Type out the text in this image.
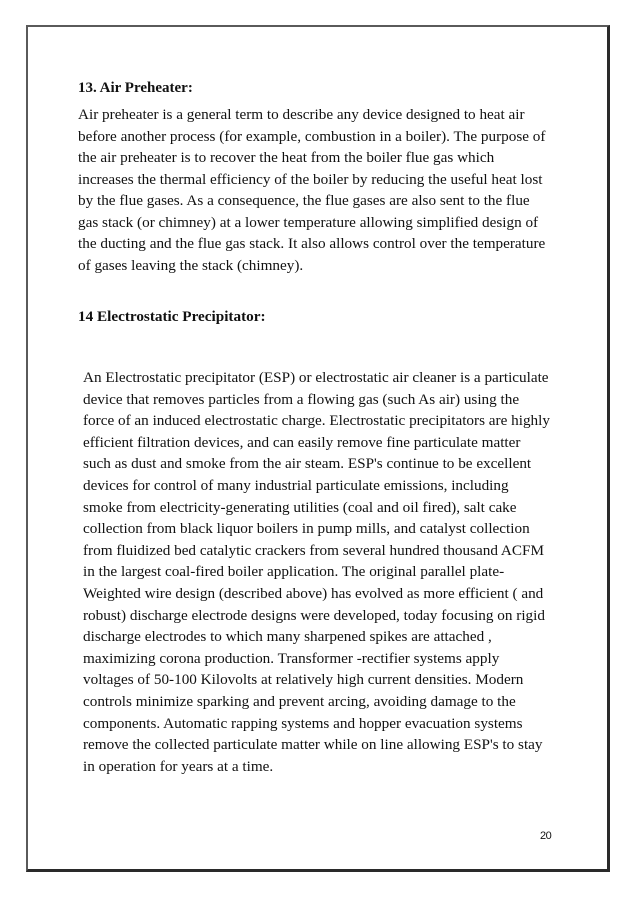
13. Air Preheater:

Air preheater is a general term to describe any device designed to heat air before another process (for example, combustion in a boiler). The purpose of the air preheater is to recover the heat from the boiler flue gas which increases the thermal efficiency of the boiler by reducing the useful heat lost by the flue gases. As a consequence, the flue gases are also sent to the flue gas stack (or chimney) at a lower temperature allowing simplified design of the ducting and the flue gas stack. It also allows control over the temperature of gases leaving the stack (chimney).

14 Electrostatic Precipitator:

An Electrostatic precipitator (ESP) or electrostatic air cleaner is a particulate device that removes particles from a flowing gas (such As air) using the force of an induced electrostatic charge. Electrostatic precipitators are highly efficient filtration devices, and can easily remove fine particulate matter such as dust and smoke from the air steam. ESP's continue to be excellent devices for control of many industrial particulate emissions, including smoke from electricity-generating utilities (coal and oil fired), salt cake collection from black liquor boilers in pump mills, and catalyst collection from fluidized bed catalytic crackers from several hundred thousand ACFM in the largest coal-fired boiler application. The original parallel plate-Weighted wire design (described above) has evolved as more efficient ( and robust) discharge electrode designs were developed, today focusing on rigid discharge electrodes to which many sharpened spikes are attached , maximizing corona production. Transformer -rectifier systems apply voltages of 50-100 Kilovolts at relatively high current densities. Modern controls minimize sparking and prevent arcing, avoiding damage to the components. Automatic rapping systems and hopper evacuation systems remove the collected particulate matter while on line allowing ESP's to stay in operation for years at a time.

20
